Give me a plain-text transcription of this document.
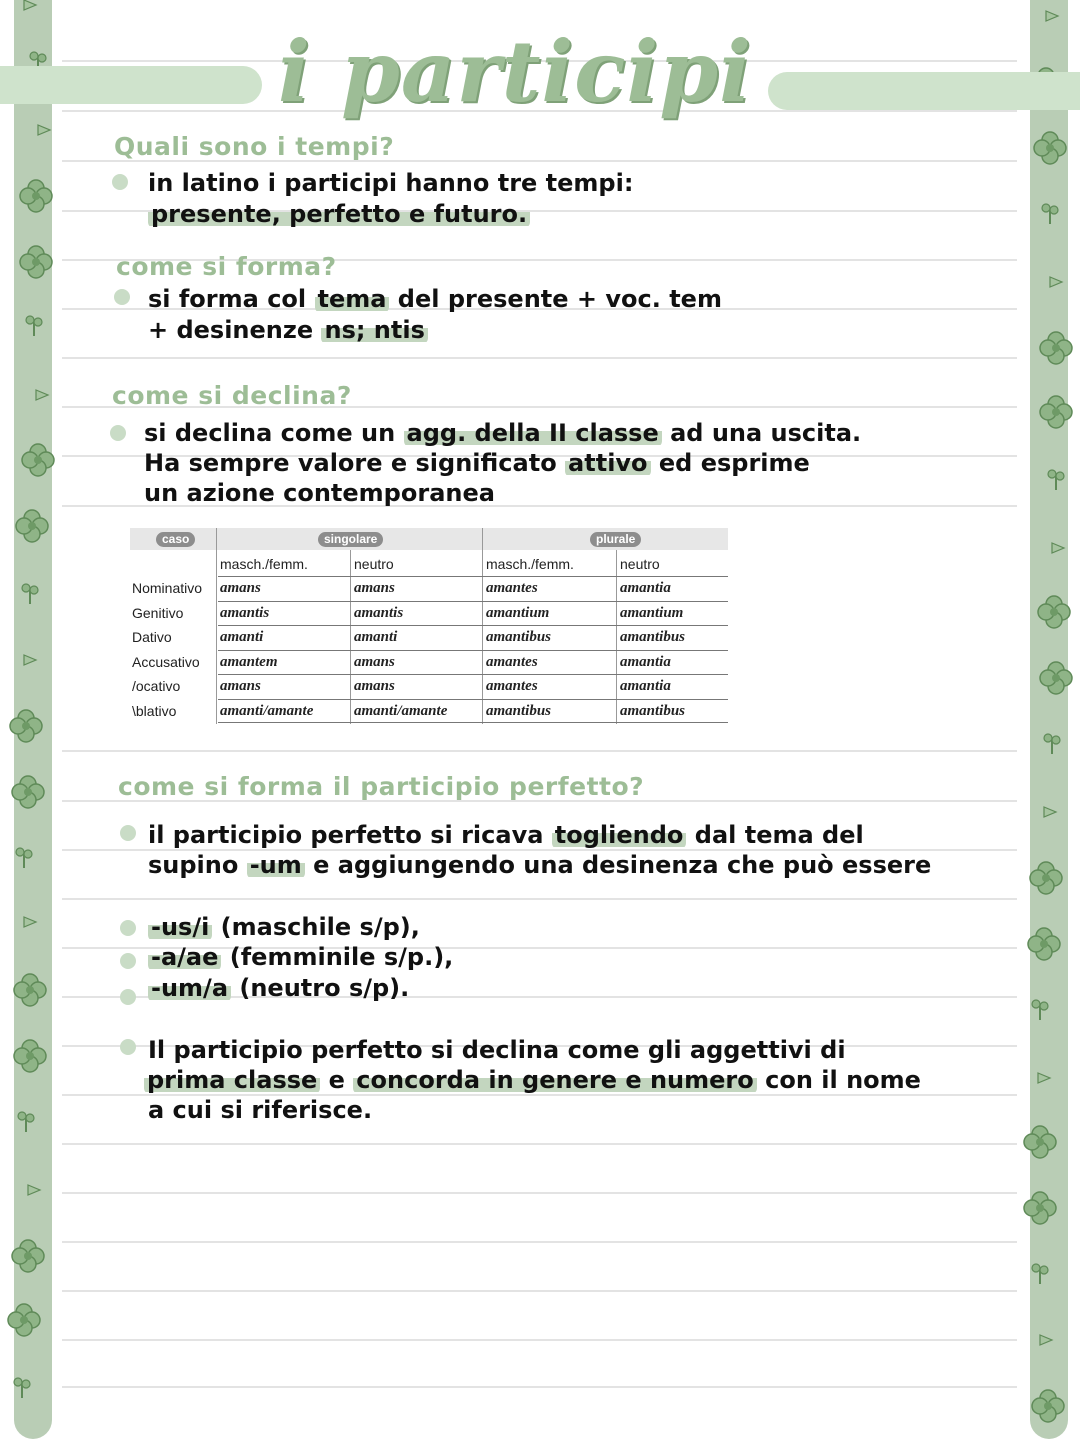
i participi
Quali sono i tempi?
in latino i participi hanno tre tempi:
presente, perfetto e futuro.
come si forma?
si forma col tema del presente + voc. tem
+ desinenze ns; ntis
come si declina?
si declina come un agg. della II classe ad una uscita.
Ha sempre valore e significato attivo ed esprime
un azione contemporanea
caso	singolare	plurale
masch./femm.	neutro	masch./femm.	neutro
Nominativo amans	amans	amantes	amantia
Genitivo amantis	amantis	amantium	amantium
Dativo	amanti	amanti	amantibus	amantibus
Accusativo amantem	amans	amantes	amantia
/ocativo	amans	amans	amantes	amantia
\blativo	amanti/amante	amanti/amante	amantibus	amantibus
come si forma il participio perfetto?
il participio perfetto si ricava togliendo dal tema del
supino -um e aggiungendo una desinenza che può essere
-us/i (maschile s/p),
-a/ae (femminile s/p.),
-um/a (neutro s/p).
Il participio perfetto si declina come gli aggettivi di
prima classe e concorda in genere e numero con il nome
a cui si riferisce.
